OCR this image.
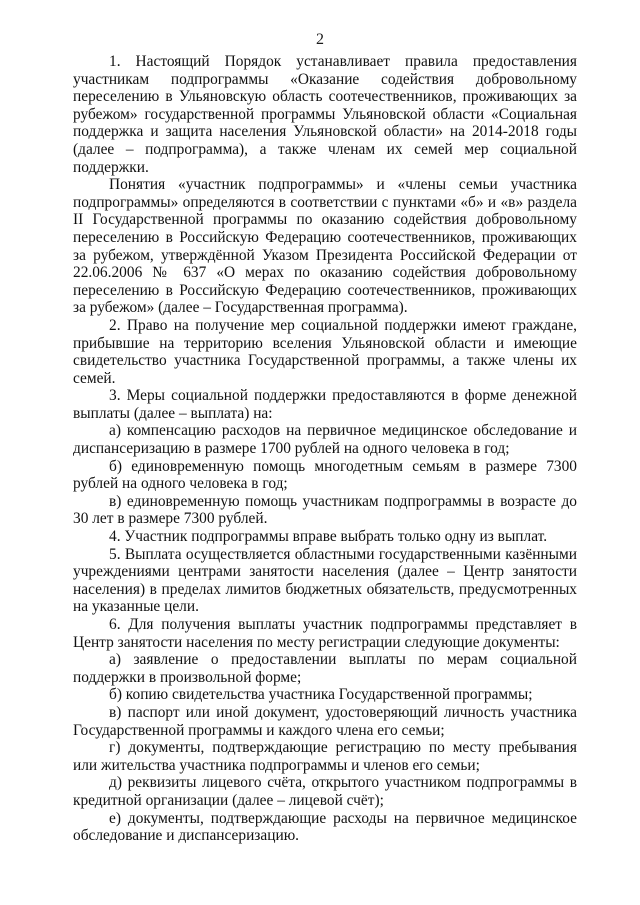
2

1. Настоящий Порядок устанавливает правила предоставления участникам подпрограммы «Оказание содействия добровольному переселению в Ульяновскую область соотечественников, проживающих за рубежом» государственной программы Ульяновской области «Социальная поддержка и защита населения Ульяновской области» на 2014-2018 годы (далее – подпрограмма), а также членам их семей мер социальной поддержки.

Понятия «участник подпрограммы» и «члены семьи участника подпрограммы» определяются в соответствии с пунктами «б» и «в» раздела II Государственной программы по оказанию содействия добровольному переселению в Российскую Федерацию соотечественников, проживающих за рубежом, утверждённой Указом Президента Российской Федерации от 22.06.2006 № 637 «О мерах по оказанию содействия добровольному переселению в Российскую Федерацию соотечественников, проживающих за рубежом» (далее – Государственная программа).

2. Право на получение мер социальной поддержки имеют граждане, прибывшие на территорию вселения Ульяновской области и имеющие свидетельство участника Государственной программы, а также члены их семей.

3. Меры социальной поддержки предоставляются в форме денежной выплаты (далее – выплата) на:

а) компенсацию расходов на первичное медицинское обследование и диспансеризацию в размере 1700 рублей на одного человека в год;

б) единовременную помощь многодетным семьям в размере 7300 рублей на одного человека в год;

в) единовременную помощь участникам подпрограммы в возрасте до 30 лет в размере 7300 рублей.

4. Участник подпрограммы вправе выбрать только одну из выплат.

5. Выплата осуществляется областными государственными казёнными учреждениями центрами занятости населения (далее – Центр занятости населения) в пределах лимитов бюджетных обязательств, предусмотренных на указанные цели.

6. Для получения выплаты участник подпрограммы представляет в Центр занятости населения по месту регистрации следующие документы:

а) заявление о предоставлении выплаты по мерам социальной поддержки в произвольной форме;

б) копию свидетельства участника Государственной программы;

в) паспорт или иной документ, удостоверяющий личность участника Государственной программы и каждого члена его семьи;

г) документы, подтверждающие регистрацию по месту пребывания или жительства участника подпрограммы и членов его семьи;

д) реквизиты лицевого счёта, открытого участником подпрограммы в кредитной организации (далее – лицевой счёт);

е) документы, подтверждающие расходы на первичное медицинское обследование и диспансеризацию.
